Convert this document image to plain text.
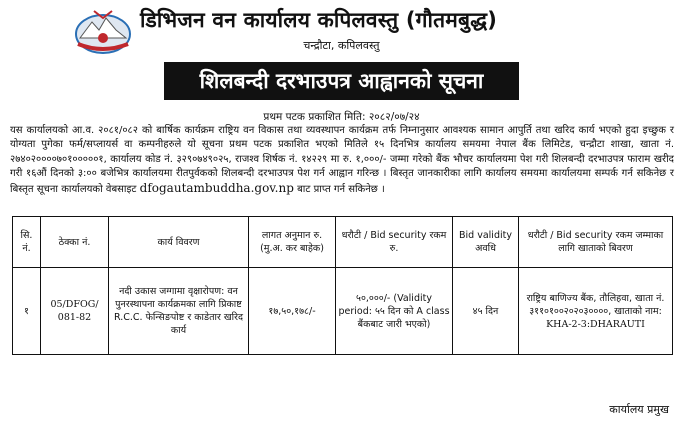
डिभिजन वन कार्यालय कपिलवस्तु (गौतमबुद्ध)
चन्द्रौटा, कपिलवस्तु
शिलबन्दी दरभाउपत्र आह्वानको सूचना
प्रथम पटक प्रकाशित मिति: २०८२/०७/२४

यस कार्यालयको आ.व. २०८१/०८२ को बार्षिक कार्यक्रम राष्ट्रिय वन विकास तथा व्यवस्थापन कार्यक्रम तर्फ निम्नानुसार आवश्यक सामान आपुर्ति तथा खरिद कार्य भएको हुदा इच्छुक र योग्यता पुगेका फर्म/सप्लायर्स वा कम्पनीहरुले यो सूचना प्रथम पटक प्रकाशित भएको मितिले १५ दिनभित्र कार्यालय समयमा नेपाल बैंक लिमिटेड, चन्द्रौटा शाखा, खाता नं. २७४०२००००७०१०००००१, कार्यालय कोड नं. ३२९०७४९०२५, राजश्व शिर्षक नं. १४२२९ मा रु. १,०००/- जम्मा गरेको बैंक भौचर कार्यालयमा पेश गरी शिलबन्दी दरभाउपत्र फाराम खरीद गरी १६औं दिनको ३:०० बजेभित्र कार्यालयमा रीतपुर्वकको शिलबन्दी दरभाउपत्र पेश गर्न आह्वान गरिन्छ । बिस्तृत जानकारीका लागि कार्यालय समयमा कार्यालयमा सम्पर्क गर्न सकिनेछ र बिस्तृत सूचना कार्यालयको वेबसाइट dfogautambuddha.gov.np बाट प्राप्त गर्न सकिनेछ ।

सि. नं.	ठेक्का नं.	कार्य विवरण	लागत अनुमान रु. (मु.अ. कर बाहेक)	धरौटी / Bid security रकम रु.	Bid validity अवधि	धरौटी / Bid security रकम जम्माका लागि खाताको बिवरण
१	05/DFOG/ 081-82	नदी उकास जग्गामा वृक्षारोपण: वन पुनरस्थापना कार्यक्रमका लागि प्रिकाष्ट R.C.C. फेन्सिङपोष्ट र काडेतार खरिद कार्य	१७,५०,१७८/-	५०,०००/- (Validity period: ५५ दिन को A class बैंकबाट जारी भएको)	४५ दिन	राष्ट्रिय बाणिज्य बैंक, तौलिहवा, खाता नं.
३११०१००२०२०३००००, खाताको नाम:
KHA-2-3:DHARAUTI
कार्यालय प्रमुख
